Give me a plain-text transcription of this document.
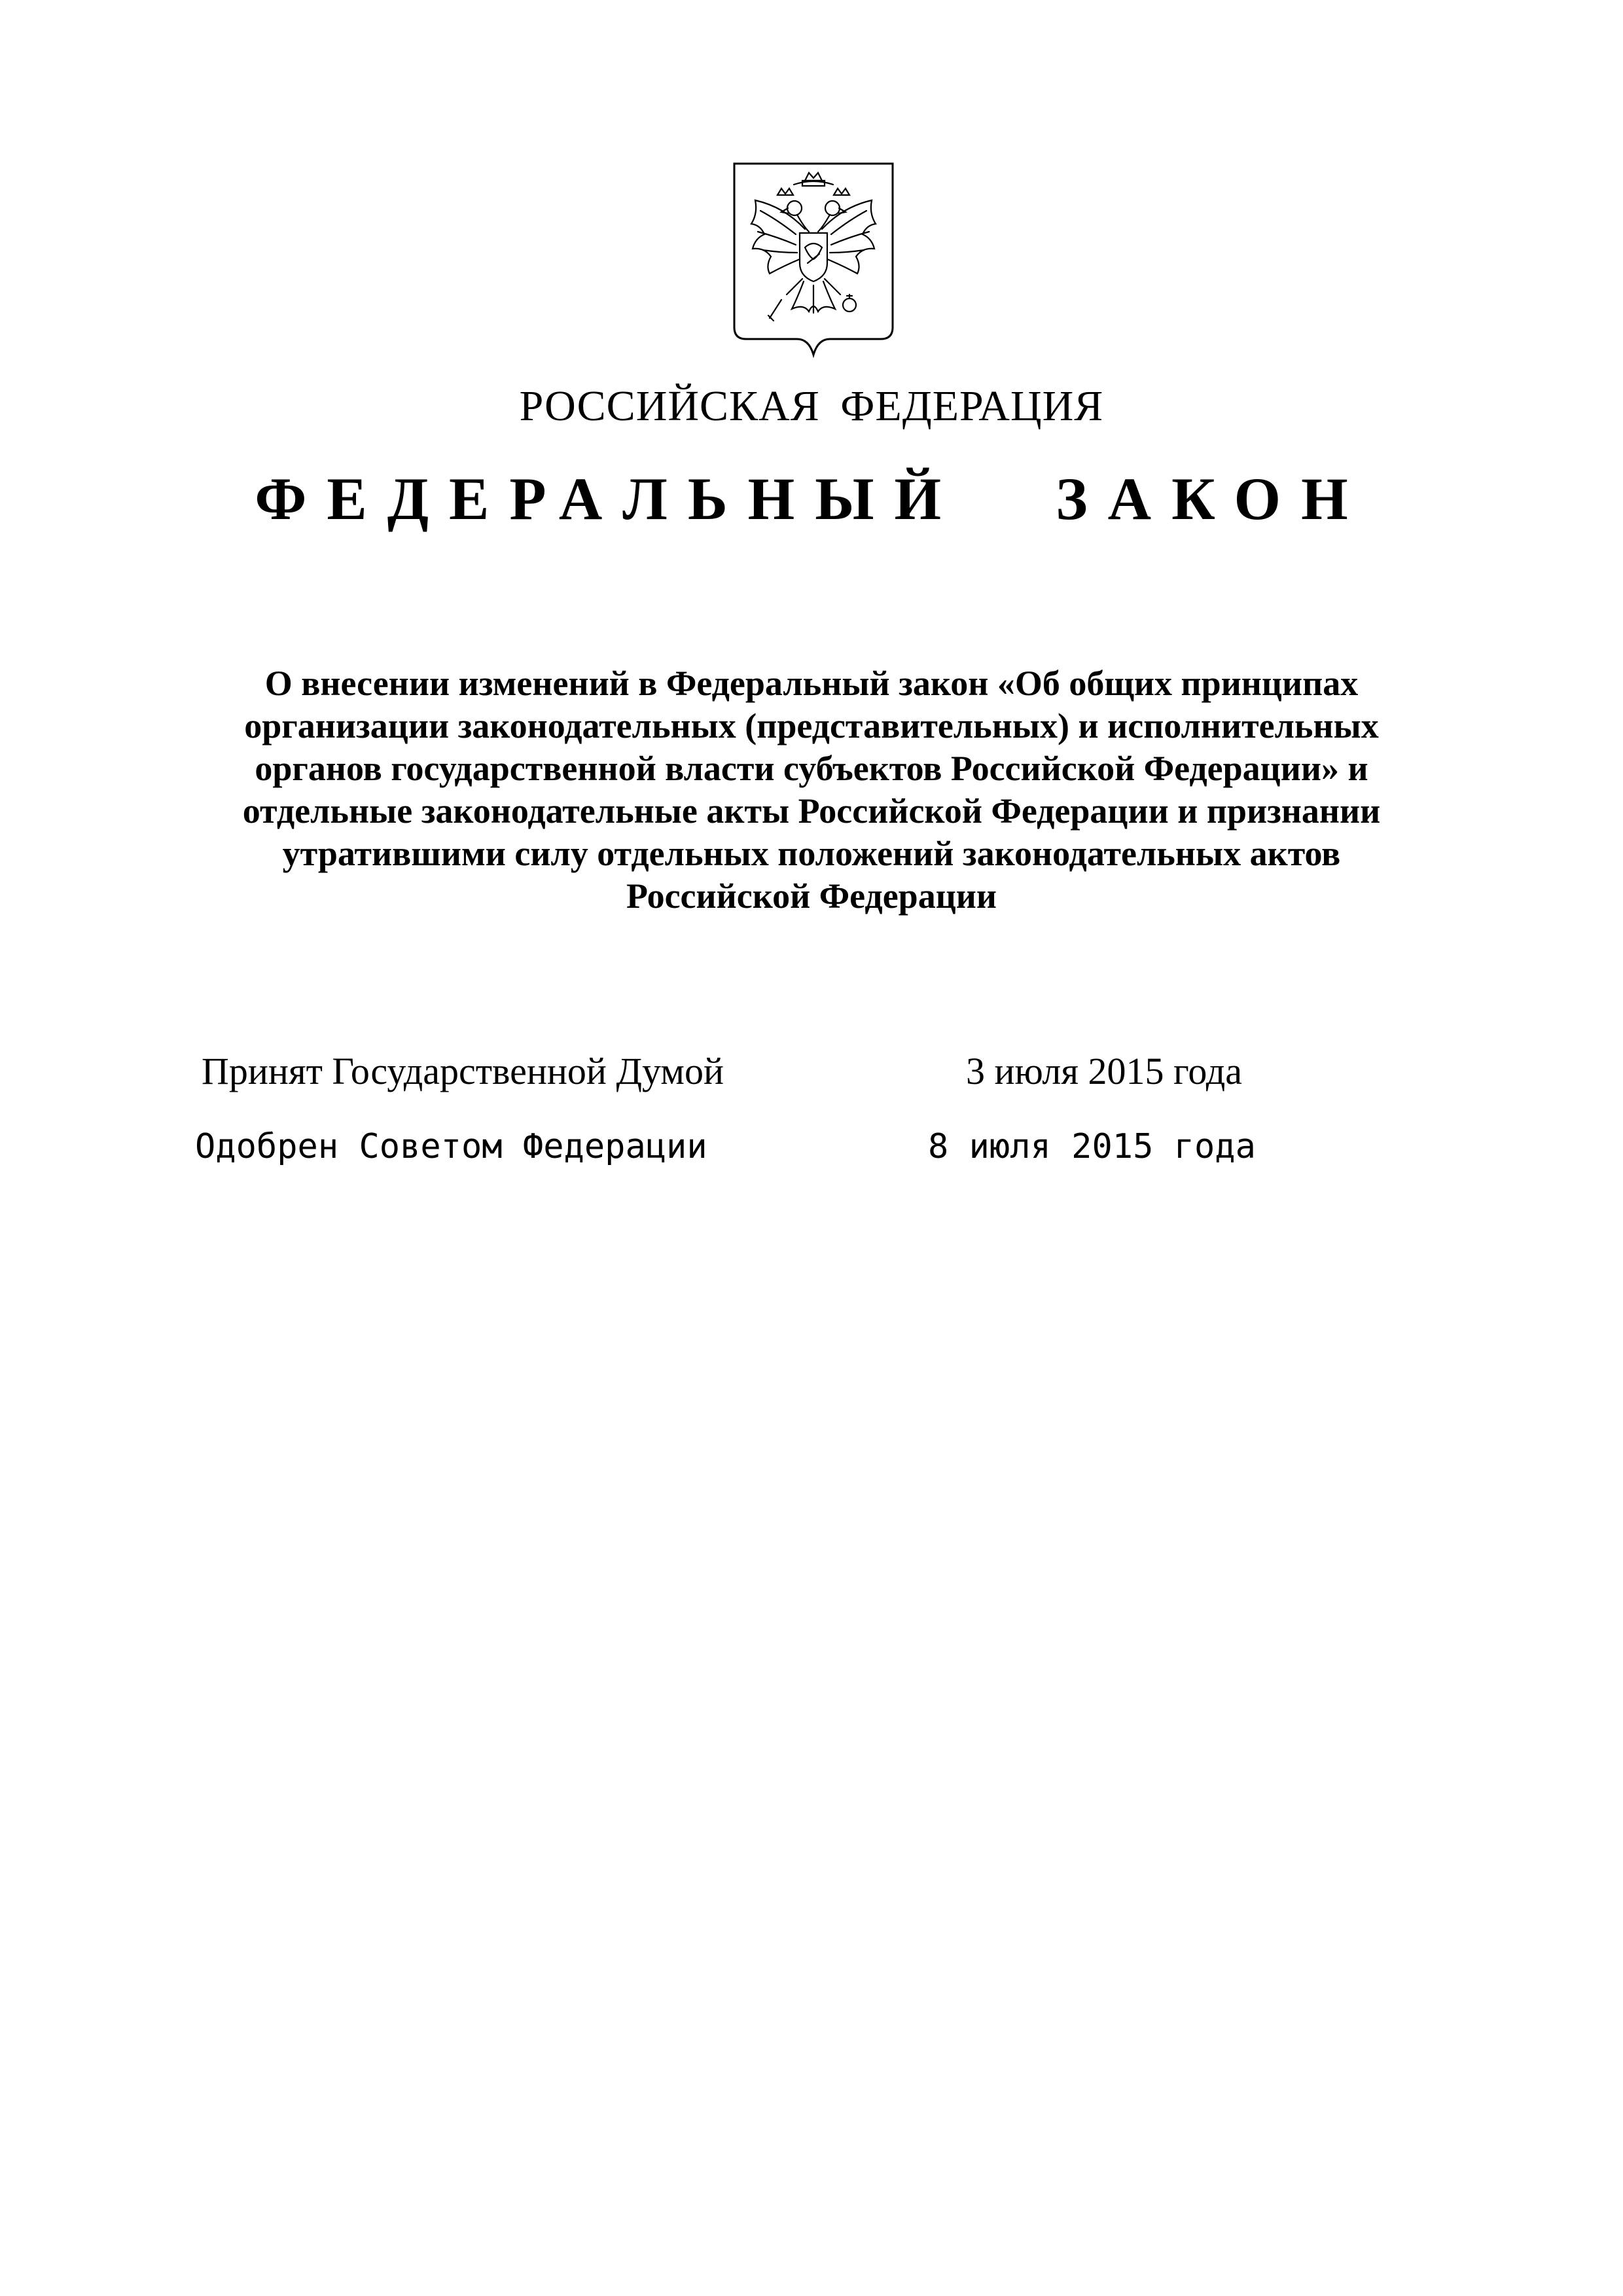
РОССИЙСКАЯ ФЕДЕРАЦИЯ
ФЕДЕРАЛЬНЫЙ ЗАКОН
О внесении изменений в Федеральный закон «Об общих принципах организации законодательных (представительных) и исполнительных органов государственной власти субъектов Российской Федерации» и отдельные законодательные акты Российской Федерации и признании утратившими силу отдельных положений законодательных актов Российской Федерации
Принят Государственной Думой	3 июля 2015 года
Одобрен Советом Федерации	8 июля 2015 года
